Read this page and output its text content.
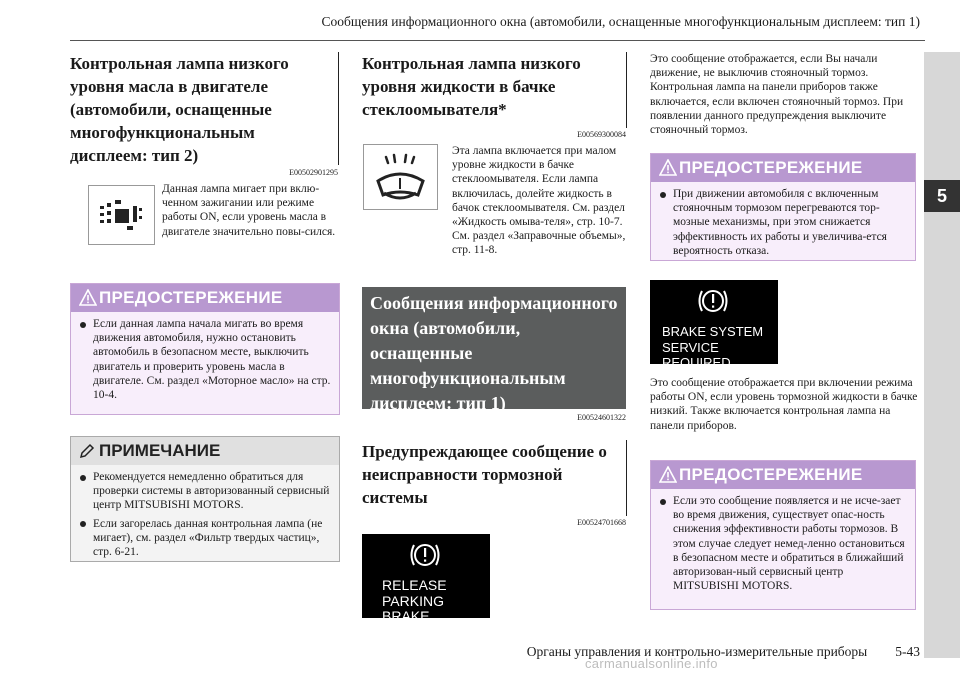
Сообщения информационного окна (автомобили, оснащенные многофункциональным дисплеем: тип 1)
5
Контрольная лампа низкого уровня масла в двигателе (автомобили, оснащенные многофункциональным дисплеем: тип 2)
E00502901295
Данная лампа мигает при вклю-ченном зажигании или режиме работы ON, если уровень масла в двигателе значительно повы-сился.
ПРЕДОСТЕРЕЖЕНИЕ
Если данная лампа начала мигать во время движения автомобиля, нужно остановить автомобиль в безопасном месте, выключить двигатель и проверить уровень масла в двигателе. См. раздел «Моторное масло» на стр. 10-4.
ПРИМЕЧАНИЕ
Рекомендуется немедленно обратиться для проверки системы в авторизованный сервисный центр MITSUBISHI MOTORS.
Если загорелась данная контрольная лампа (не мигает), см. раздел «Фильтр твердых частиц», стр. 6-21.
Контрольная лампа низкого уровня жидкости в бачке стеклоомывателя*
E00569300084
Эта лампа включается при малом уровне жидкости в бачке стеклоомывателя. Если лампа включилась, долейте жидкость в бачок стеклоомывателя. См. раздел «Жидкость омыва-теля», стр. 10-7. См. раздел «Заправочные объемы», стр. 11-8.
Сообщения информационного окна (автомобили, оснащенные многофункциональным дисплеем: тип 1)
E00524601322
Предупреждающее сообщение о неисправности тормозной системы
E00524701668
RELEASE
PARKING BRAKE
Это сообщение отображается, если Вы начали движение, не выключив стояночный тормоз. Контрольная лампа на панели приборов также включается, если включен стояночный тормоз. При появлении данного предупреждения выключите стояночный тормоз.
ПРЕДОСТЕРЕЖЕНИЕ
При движении автомобиля с включенным стояночным тормозом перегреваются тор-мозные механизмы, при этом снижается эффективность их работы и увеличива-ется вероятность отказа.
BRAKE SYSTEM
SERVICE REQUIRED
Это сообщение отображается при включении режима работы ON, если уровень тормозной жидкости в бачке низкий. Также включается контрольная лампа на панели приборов.
ПРЕДОСТЕРЕЖЕНИЕ
Если это сообщение появляется и не исче-зает во время движения, существует опас-ность снижения эффективности работы тормозов. В этом случае следует немед-ленно остановиться в безопасном месте и обратиться в ближайший авторизован-ный сервисный центр MITSUBISHI MOTORS.
Органы управления и контрольно-измерительные приборы 5-43
carmanualsonline.info
